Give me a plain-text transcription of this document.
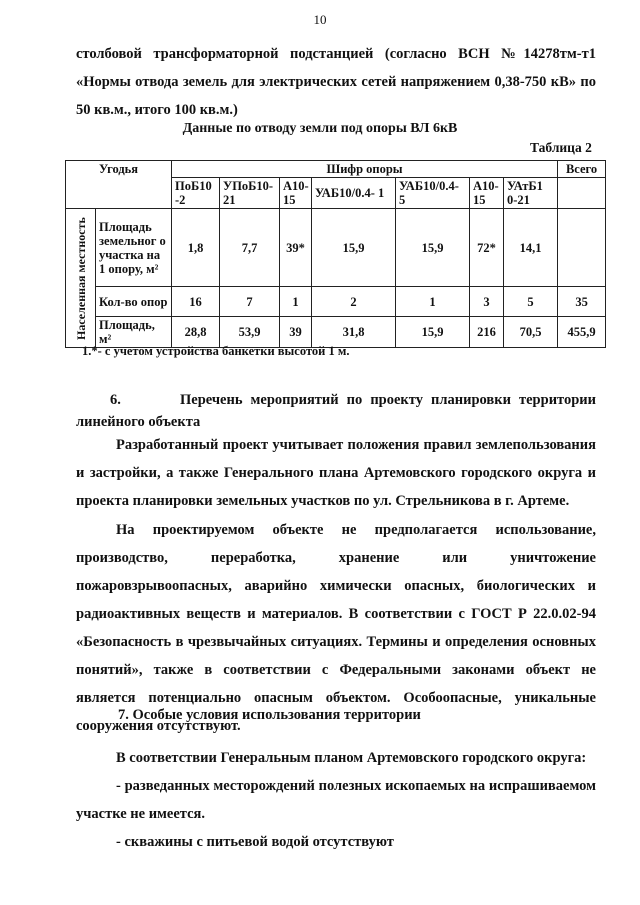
10
столбовой трансформаторной подстанцией (согласно ВСН №14278тм-т1 «Нормы отвода земель для электрических сетей напряжением 0,38-750 кВ» по 50 кв.м., итого 100 кв.м.)
Данные по отводу земли под опоры ВЛ 6кВ
Таблица 2
Угодья		Шифр опоры							Всего
		ПоБ10 -2	УПоБ10- 21	А10- 15	УАБ10/0.4- 1	УАБ10/0.4- 5	А10- 15	УАтБ1 0-21	
Населенная местность	Площадь земельног о участка на 1 опору, м²	1,8	7,7	39*	15,9	15,9	72*	14,1	
	Кол-во опор	16	7	1	2	1	3	5	35
	Площадь, м²	28,8	53,9	39	31,8	15,9	216	70,5	455,9
1.*- с учетом устройства банкетки высотой 1 м.
6.	Перечень мероприятий по проекту планировки территории
линейного объекта
Разработанный проект учитывает положения правил землепользования и застройки, а также Генерального плана Артемовского городского округа и проекта планировки земельных участков по ул. Стрельникова в г. Артеме.
На проектируемом объекте не предполагается использование, производство, переработка, хранение или уничтожение пожаровзрывоопасных, аварийно химически опасных, биологических и радиоактивных веществ и материалов. В соответствии с ГОСТ Р 22.0.02-94 «Безопасность в чрезвычайных ситуациях. Термины и определения основных понятий», также в соответствии с Федеральными законами объект не является потенциально опасным объектом. Особоопасные, уникальные сооружения отсутствуют.
7. Особые условия использования территории
В соответствии Генеральным планом Артемовского городского округа:
- разведанных месторождений полезных ископаемых на испрашиваемом участке не имеется.
- скважины с питьевой водой отсутствуют
